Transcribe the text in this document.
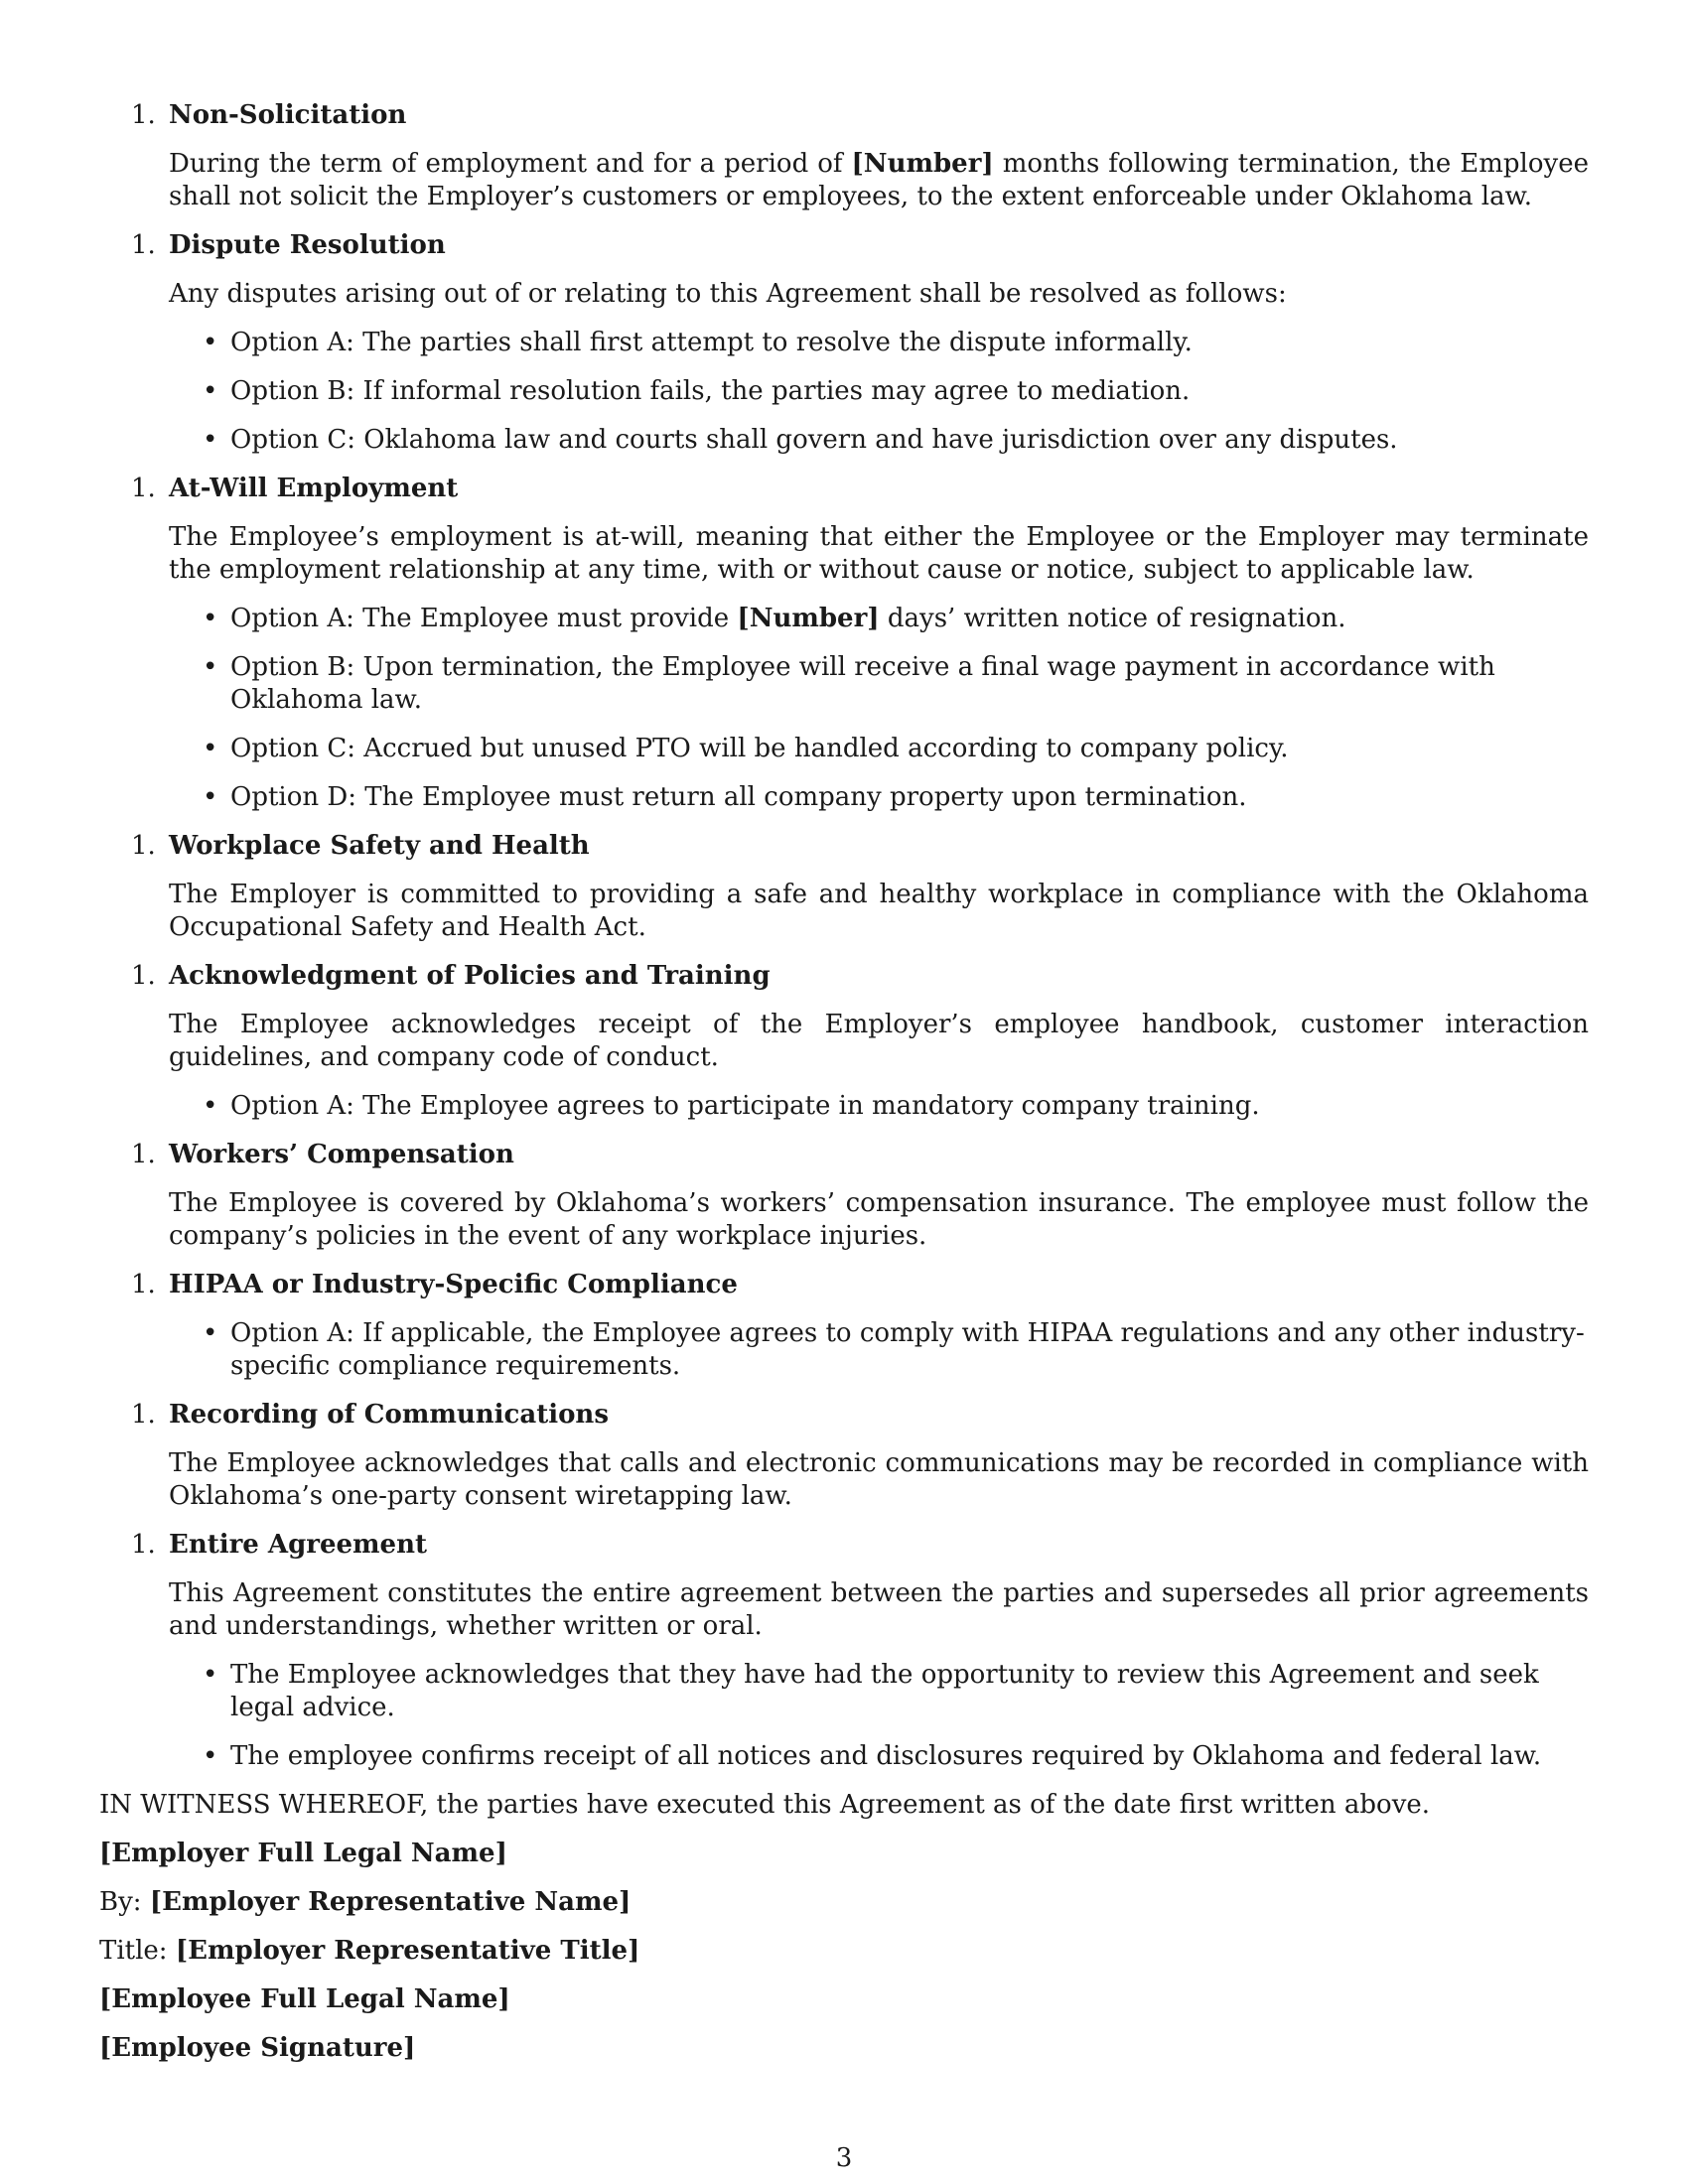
1. Non-Solicitation
During the term of employment and for a period of [Number] months following termination, the Employee shall not solicit the Employer’s customers or employees, to the extent enforceable under Oklahoma law.
1. Dispute Resolution
Any disputes arising out of or relating to this Agreement shall be resolved as follows:
• Option A: The parties shall first attempt to resolve the dispute informally.
• Option B: If informal resolution fails, the parties may agree to mediation.
• Option C: Oklahoma law and courts shall govern and have jurisdiction over any disputes.
1. At-Will Employment
The Employee’s employment is at-will, meaning that either the Employee or the Employer may terminate the employment relationship at any time, with or without cause or notice, subject to applicable law.
• Option A: The Employee must provide [Number] days’ written notice of resignation.
• Option B: Upon termination, the Employee will receive a final wage payment in accordance with Oklahoma law.
• Option C: Accrued but unused PTO will be handled according to company policy.
• Option D: The Employee must return all company property upon termination.
1. Workplace Safety and Health
The Employer is committed to providing a safe and healthy workplace in compliance with the Oklahoma Occupational Safety and Health Act.
1. Acknowledgment of Policies and Training
The Employee acknowledges receipt of the Employer’s employee handbook, customer interaction guidelines, and company code of conduct.
• Option A: The Employee agrees to participate in mandatory company training.
1. Workers’ Compensation
The Employee is covered by Oklahoma’s workers’ compensation insurance. The employee must follow the company’s policies in the event of any workplace injuries.
1. HIPAA or Industry-Specific Compliance
• Option A: If applicable, the Employee agrees to comply with HIPAA regulations and any other industry-specific compliance requirements.
1. Recording of Communications
The Employee acknowledges that calls and electronic communications may be recorded in compliance with Oklahoma’s one-party consent wiretapping law.
1. Entire Agreement
This Agreement constitutes the entire agreement between the parties and supersedes all prior agreements and understandings, whether written or oral.
• The Employee acknowledges that they have had the opportunity to review this Agreement and seek legal advice.
• The employee confirms receipt of all notices and disclosures required by Oklahoma and federal law.
IN WITNESS WHEREOF, the parties have executed this Agreement as of the date first written above.
[Employer Full Legal Name]
By: [Employer Representative Name]
Title: [Employer Representative Title]
[Employee Full Legal Name]
[Employee Signature]
3
